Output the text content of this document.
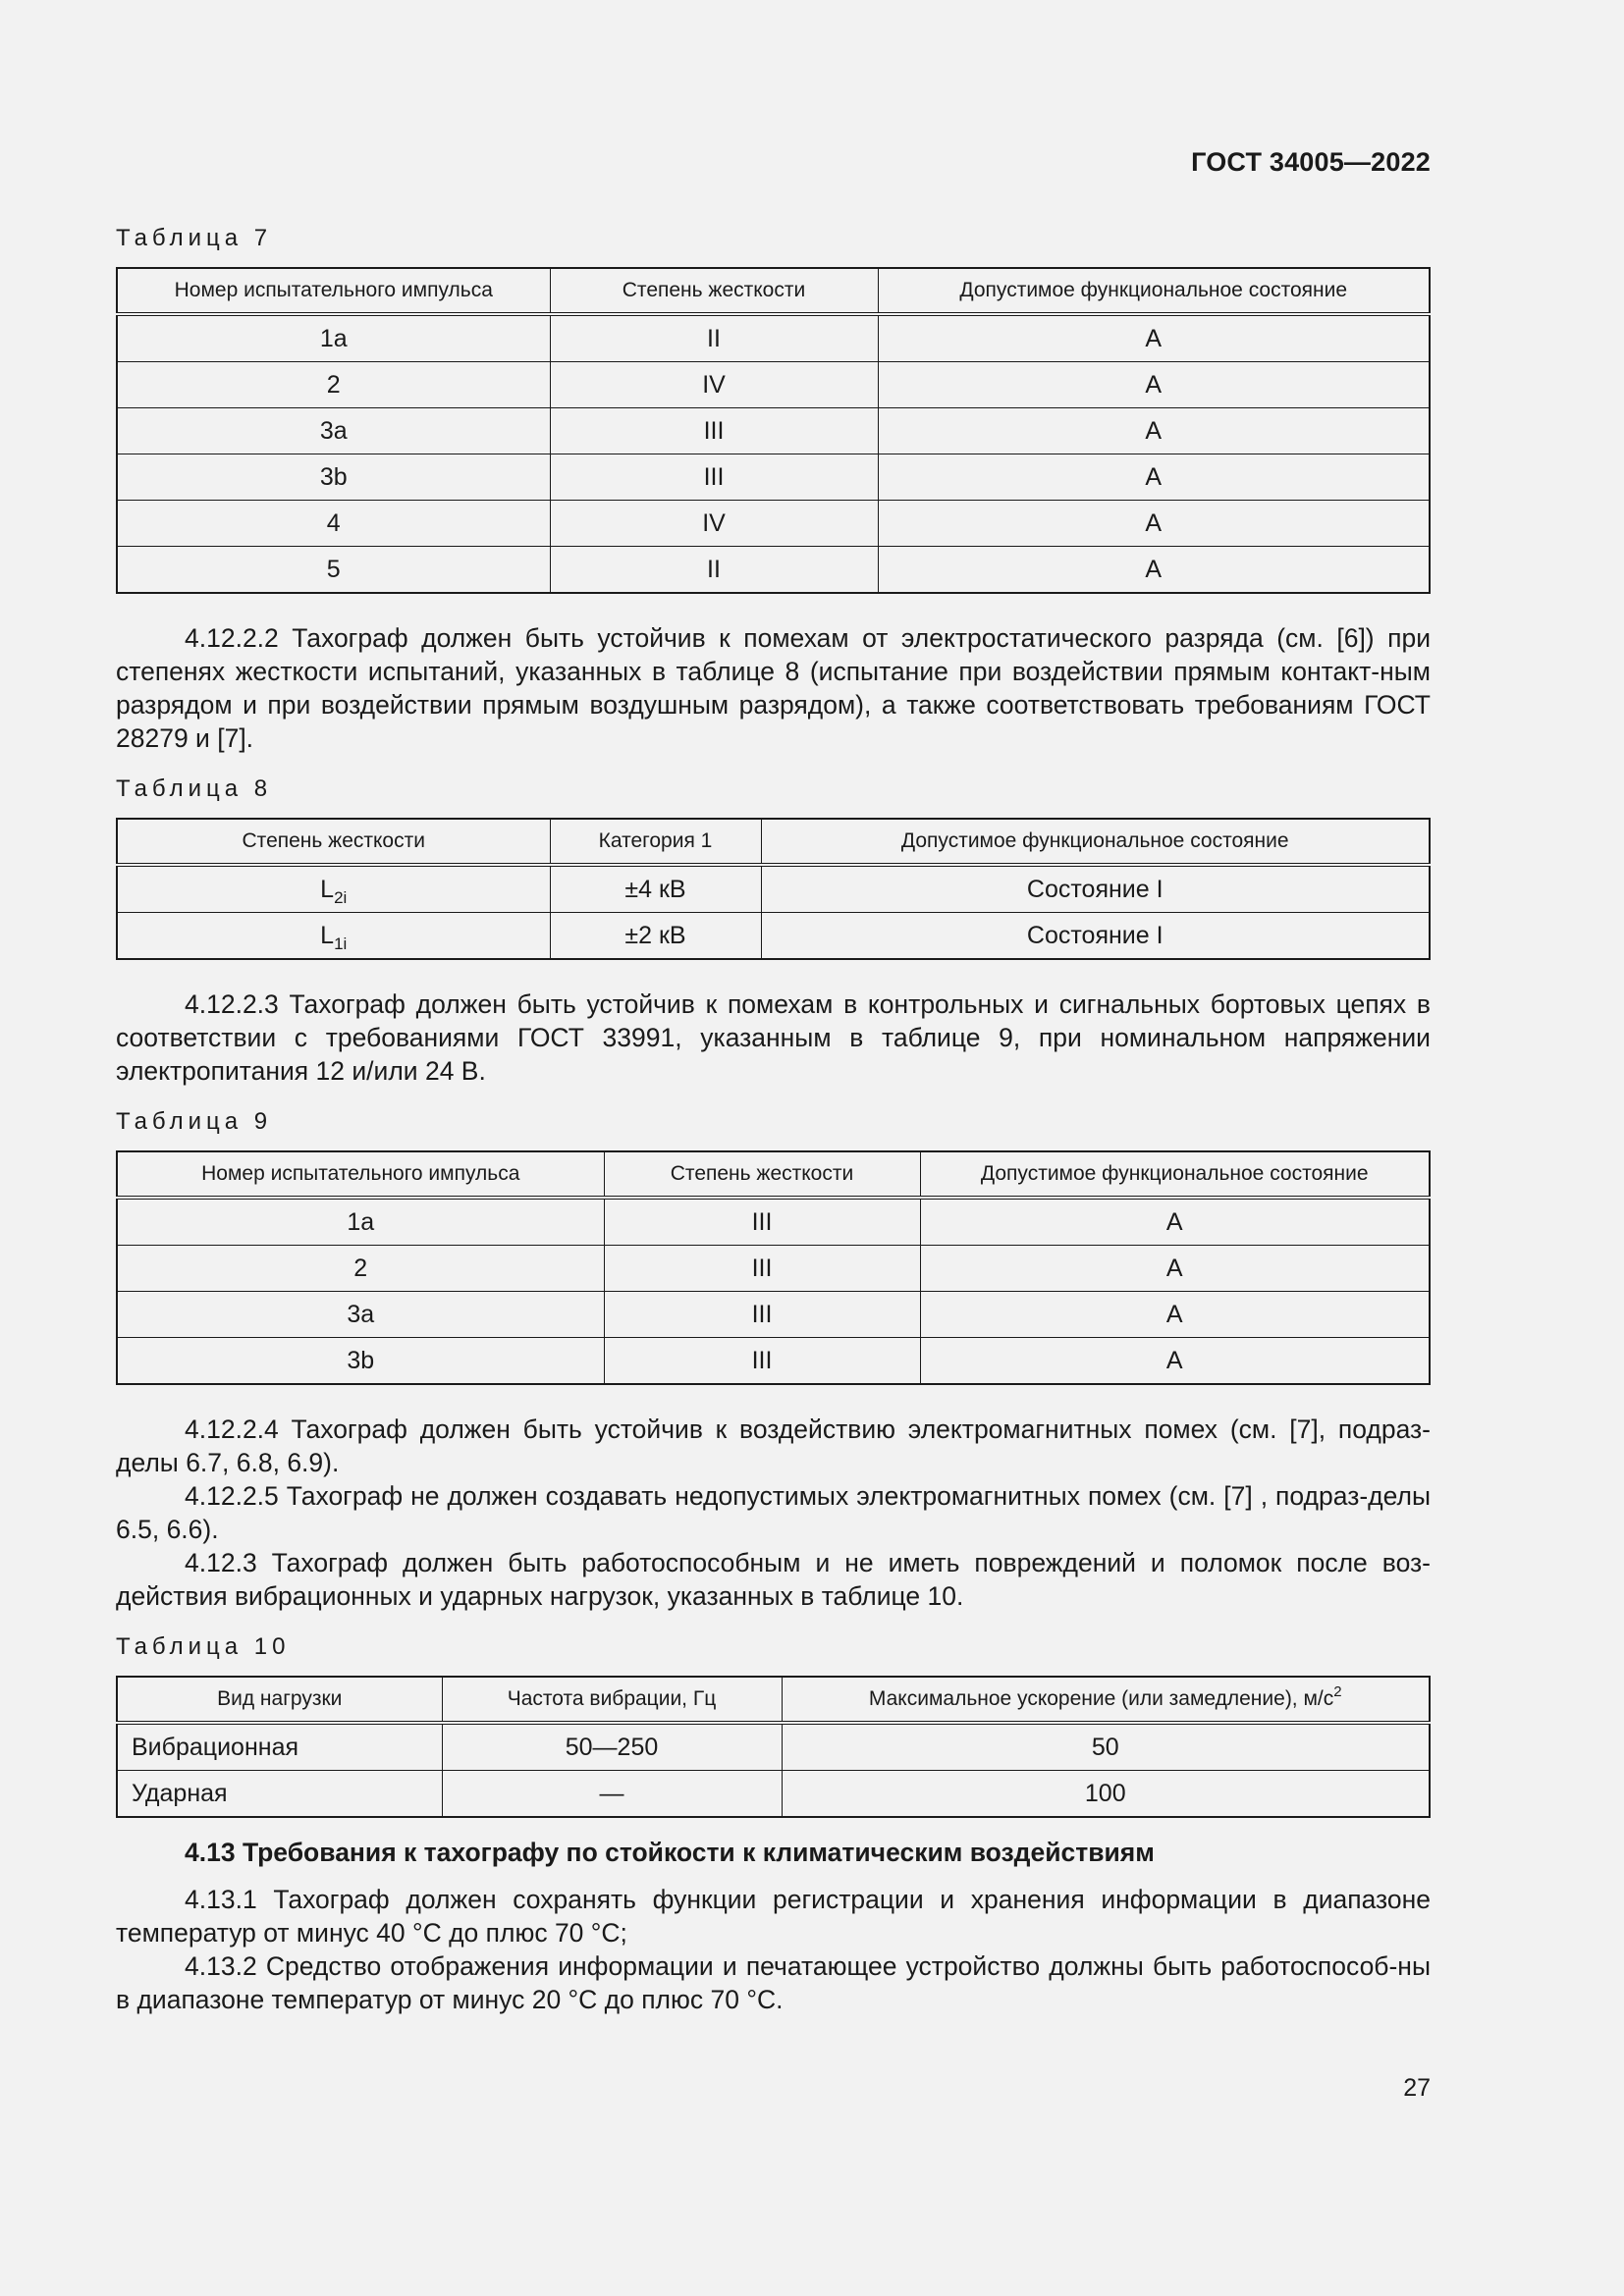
ГОСТ 34005—2022
Таблица 7
Номер испытательного импульса	Степень жесткости	Допустимое функциональное состояние
1a	II	A
2	IV	A
3a	III	A
3b	III	A
4	IV	A
5	II	A

4.12.2.2 Тахограф должен быть устойчив к помехам от электростатического разряда (см. [6]) при степенях жесткости испытаний, указанных в таблице 8 (испытание при воздействии прямым контакт-ным разрядом и при воздействии прямым воздушным разрядом), а также соответствовать требованиям ГОСТ 28279 и [7].

Таблица 8
Степень жесткости	Категория 1	Допустимое функциональное состояние
$L_{2i}$	±4 кВ	Состояние I
$L_{1i}$	±2 кВ	Состояние I

4.12.2.3 Тахограф должен быть устойчив к помехам в контрольных и сигнальных бортовых цепях в соответствии с требованиями ГОСТ 33991, указанным в таблице 9, при номинальном напряжении электропитания 12 и/или 24 В.

Таблица 9
Номер испытательного импульса	Степень жесткости	Допустимое функциональное состояние
1a	III	A
2	III	A
3a	III	A
3b	III	A

4.12.2.4 Тахограф должен быть устойчив к воздействию электромагнитных помех (см. [7], подраз-делы 6.7, 6.8, 6.9).

4.12.2.5 Тахограф не должен создавать недопустимых электромагнитных помех (см. [7] , подраз-делы 6.5, 6.6).

4.12.3 Тахограф должен быть работоспособным и не иметь повреждений и поломок после воз-действия вибрационных и ударных нагрузок, указанных в таблице 10.

Таблица 10
Вид нагрузки	Частота вибрации, Гц	Максимальное ускорение (или замедление), $м/с^2$
Вибрационная	50—250	50
Ударная	—	100

4.13 Требования к тахографу по стойкости к климатическим воздействиям

4.13.1 Тахограф должен сохранять функции регистрации и хранения информации в диапазоне температур от минус 40 °С до плюс 70 °С;

4.13.2 Средство отображения информации и печатающее устройство должны быть работоспособ-ны в диапазоне температур от минус 20 °С до плюс 70 °С.

27
